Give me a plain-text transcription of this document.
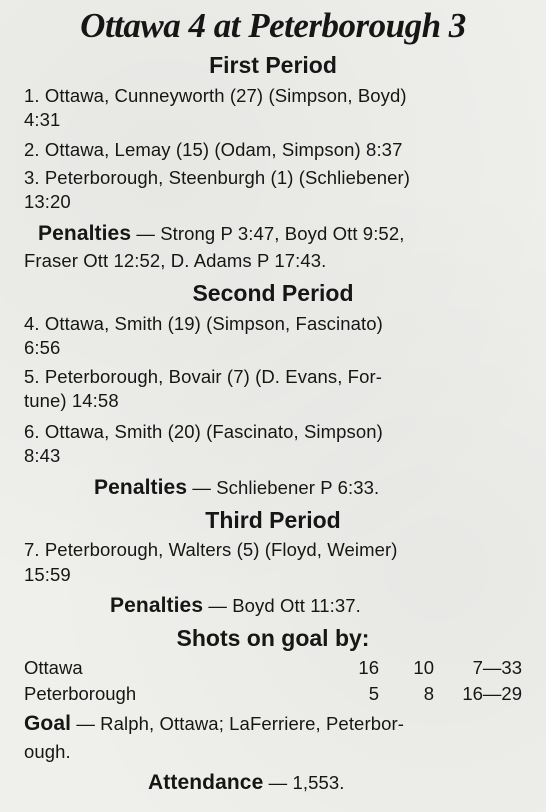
Ottawa 4 at Peterborough 3
First Period
1. Ottawa, Cunneyworth (27) (Simpson, Boyd)
4:31
2. Ottawa, Lemay (15) (Odam, Simpson) 8:37
3. Peterborough, Steenburgh (1) (Schliebener)
13:20
Penalties — Strong P 3:47, Boyd Ott 9:52,
Fraser Ott 12:52, D. Adams P 17:43.
Second Period
4. Ottawa, Smith (19) (Simpson, Fascinato)
6:56
5. Peterborough, Bovair (7) (D. Evans, For-
tune) 14:58
6. Ottawa, Smith (20) (Fascinato, Simpson)
8:43
Penalties — Schliebener P 6:33.
Third Period
7. Peterborough, Walters (5) (Floyd, Weimer)
15:59
Penalties — Boyd Ott 11:37.
Shots on goal by:
Ottawa	16 10 7—33
Peterborough	5 8 16—29
Goal — Ralph, Ottawa; LaFerriere, Peterbor-
ough.
Attendance — 1,553.
